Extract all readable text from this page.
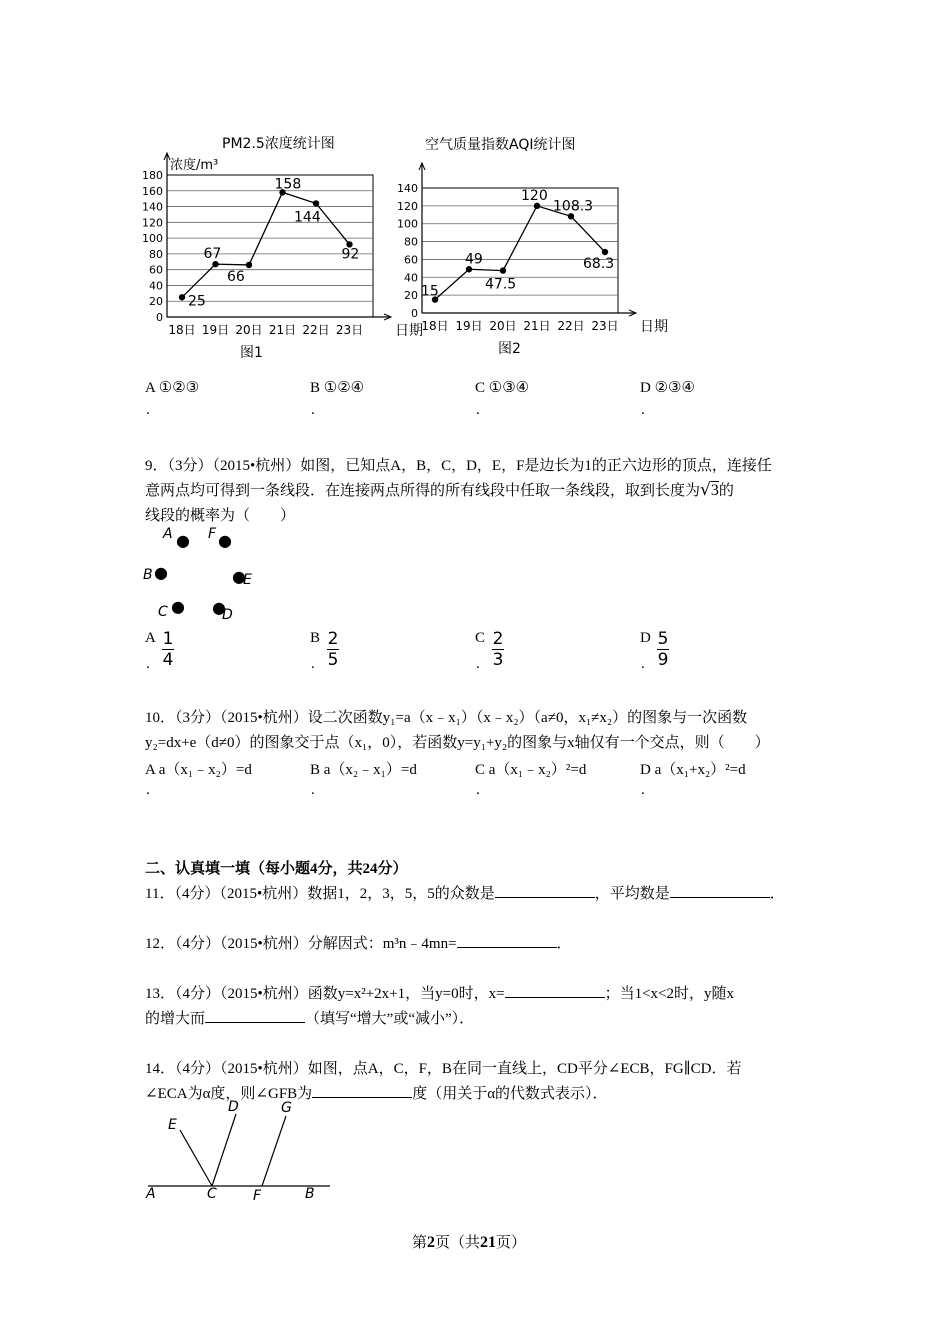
PM2.5浓度统计图
浓度/m³
0
20
40
60
80
100
120
140
160
180
18日 19日 20日 21日 22日 23日 日期
25
67
66
158
144
92
图1
空气质量指数AQI统计图
0
20
40
60
80
100
120
140
18日 19日 20日 21日 22日 23日 日期
15
49
47.5
120
108.3
68.3
图2
A ①②③	B ①②④	C ①③④	D ②③④
.	.	.	.
9．（3分）（2015•杭州）如图，已知点A，B，C，D，E，F是边长为1的正六边形的顶点，连接任
意两点均可得到一条线段．在连接两点所得的所有线段中任取一条线段，取到长度为√3的
线段的概率为（　　）
A ● F ●
B ●	E
●
C ●	D
●
A 1
4
B 2
5
C 2
3
D 5
9
.	.	.	.
10．（3分）（2015•杭州）设二次函数y₁=a（x﹣x₁）（x﹣x₂）（a≠0，x₁≠x₂）的图象与一次函数
y₂=dx+e（d≠0）的图象交于点（x₁，0），若函数y=y₁+y₂的图象与x轴仅有一个交点，则（　　）
A a（x₁﹣x₂）=d	B a（x₂﹣x₁）=d	C a（x₁﹣x₂）²=d	D a（x₁+x₂）²=d
.	.	.	.
二、认真填一填（每小题4分，共24分）
11．（4分）（2015•杭州）数据1，2，3，5，5的众数是	，平均数是	．
12．（4分）（2015•杭州）分解因式：m³n﹣4mn=	．
13．（4分）（2015•杭州）函数y=x²+2x+1，当y=0时，x=	；当1<x<2时，y随x
的增大而	（填写“增大”或“减小”）．
14．（4分）（2015•杭州）如图，点A，C，F，B在同一直线上，CD平分∠ECB，FG∥CD．若
∠ECA为α度，则∠GFB为	度（用关于α的代数式表示）．
E
D	G
A	C	F	B
第2页（共21页）
